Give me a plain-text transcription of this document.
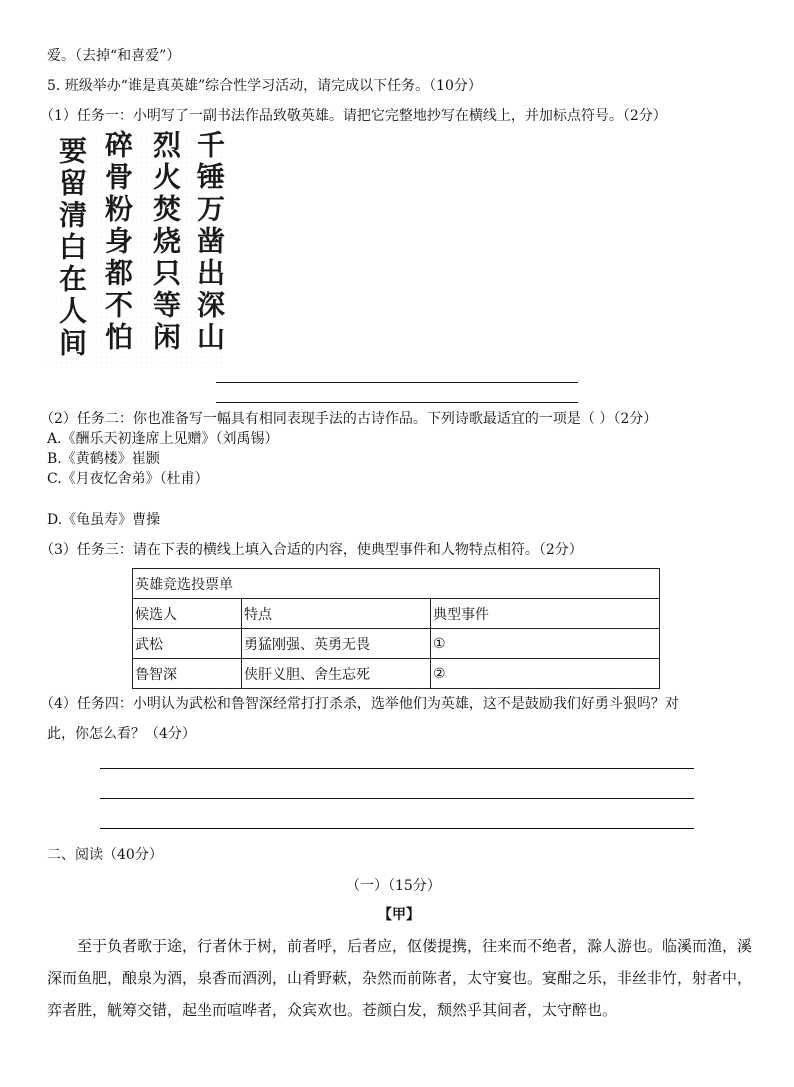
爱。（去掉“和喜爱”）
5. 班级举办“谁是真英雄”综合性学习活动，请完成以下任务。（10分）
（1）任务一：小明写了一副书法作品致敬英雄。请把它完整地抄写在横线上，并加标点符号。（2分）
千锤万凿出深山
烈火焚烧只等闲
碎骨粉身都不怕
要留清白在人间
（2）任务二：你也准备写一幅具有相同表现手法的古诗作品。下列诗歌最适宜的一项是（ ）（2分）
A.《酬乐天初逢席上见赠》（刘禹锡）
B.《黄鹤楼》崔颢
C.《月夜忆舍弟》（杜甫）
D.《龟虽寿》曹操
（3）任务三：请在下表的横线上填入合适的内容，使典型事件和人物特点相符。（2分）
英雄竞选投票单		
候选人	特点	典型事件
武松	勇猛刚强、英勇无畏	①
鲁智深	侠肝义胆、舍生忘死	②
（4）任务四：小明认为武松和鲁智深经常打打杀杀，选举他们为英雄，这不是鼓励我们好勇斗狠吗？对
此，你怎么看？（4分）
二、阅读（40分）
（一）（15分）
【甲】
至于负者歌于途，行者休于树，前者呼，后者应，伛偻提携，往来而不绝者，滁人游也。临溪而渔，溪深而鱼肥，酿泉为酒，泉香而酒洌，山肴野蔌，杂然而前陈者，太守宴也。宴酣之乐，非丝非竹，射者中，弈者胜，觥筹交错，起坐而喧哗者，众宾欢也。苍颜白发，颓然乎其间者，太守醉也。
